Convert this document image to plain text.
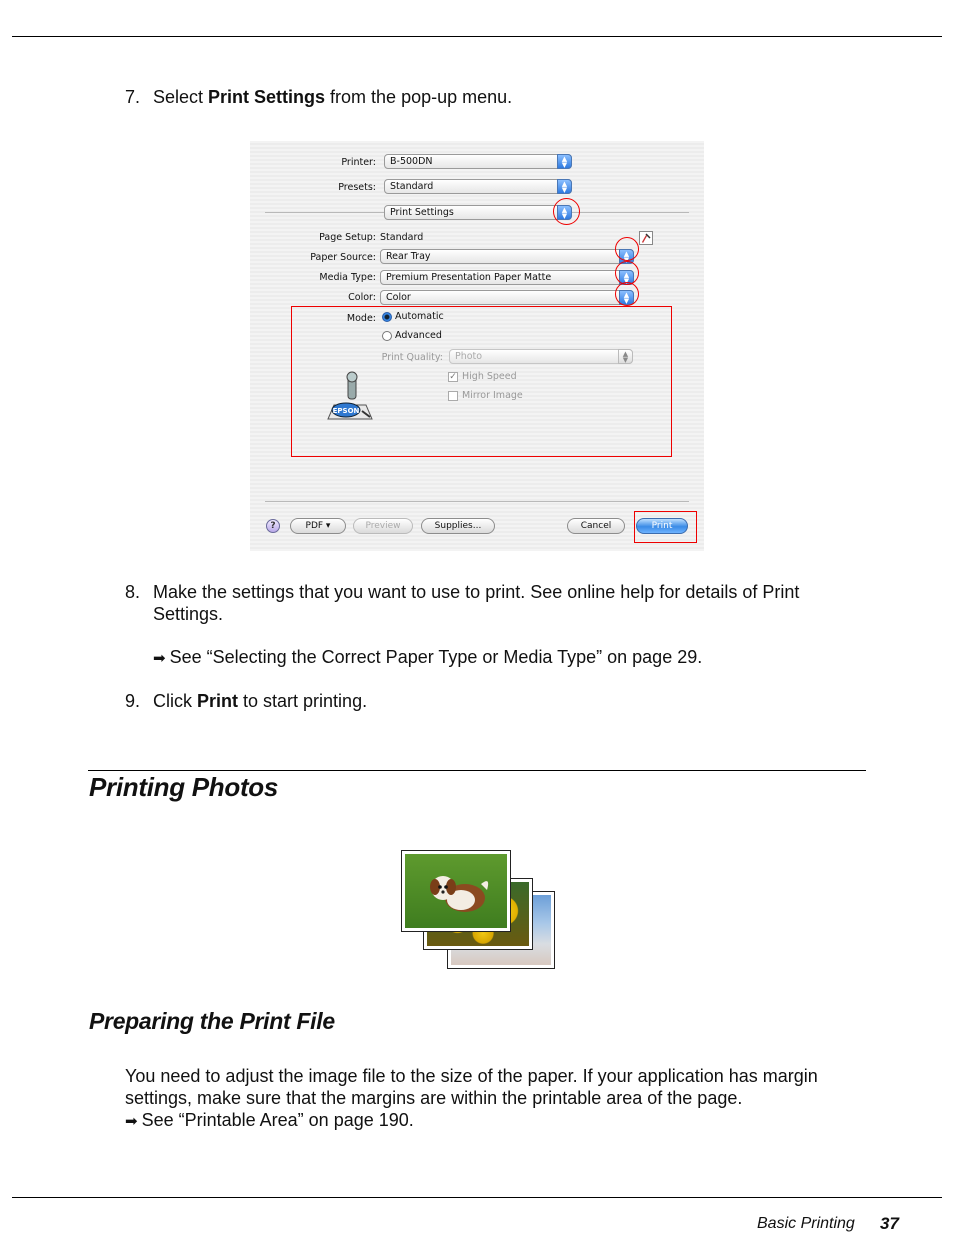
7. Select Print Settings from the pop-up menu.
Printer:	B-500DN	▲
▼
Presets:	Standard	▲
▼
Print Settings	▲
▼
Page Setup: Standard
Paper Source:	Rear Tray	▲
▼
Media Type:	Premium Presentation Paper Matte	▲
▼
Color:	Color	▲
▼
Mode: Automatic
Advanced
Print Quality:	Photo	▲
▼
✓ High Speed
Mirror Image
EPSON
?	PDF ▾	Preview	Supplies...	Cancel	Print
8. Make the settings that you want to use to print. See online help for details of Print Settings.
➡ See “Selecting the Correct Paper Type or Media Type” on page 29.
9. Click Print to start printing.
Printing Photos
Preparing the Print File
You need to adjust the image file to the size of the paper. If your application has margin settings, make sure that the margins are within the printable area of the page.
➡ See “Printable Area” on page 190.
Basic Printing 37
